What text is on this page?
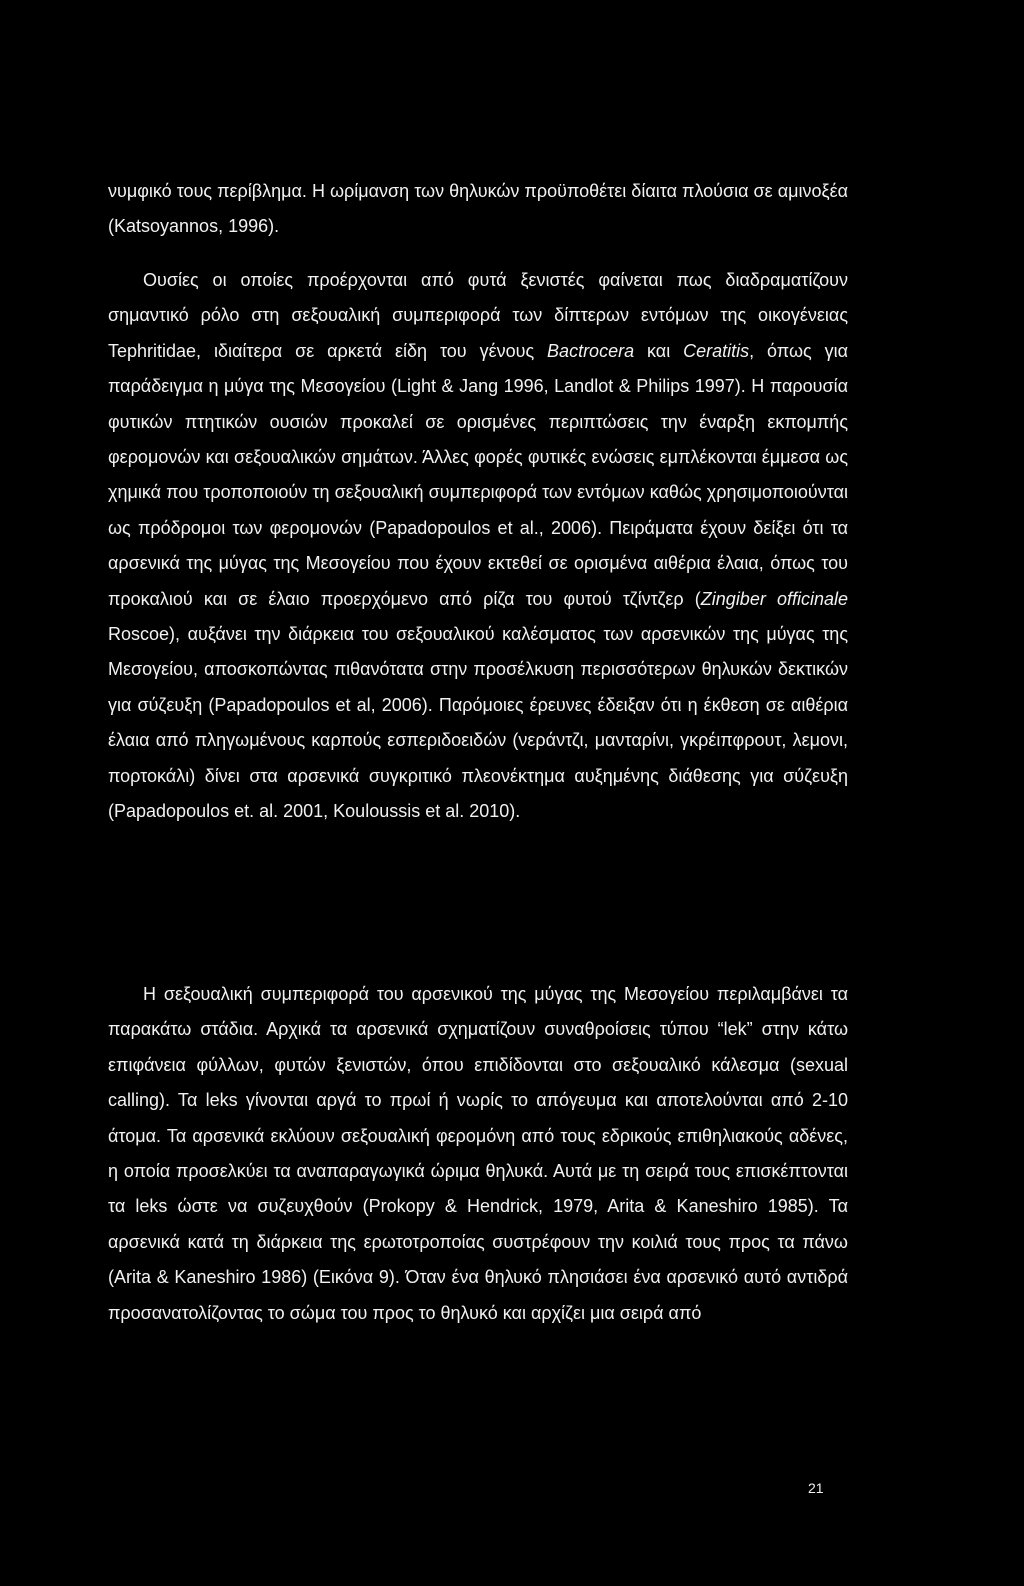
νυμφικό τους περίβλημα. Η ωρίμανση των θηλυκών προϋποθέτει δίαιτα πλούσια σε αμινοξέα (Katsoyannos, 1996).
Ουσίες οι οποίες προέρχονται από φυτά ξενιστές φαίνεται πως διαδραματίζουν σημαντικό ρόλο στη σεξουαλική συμπεριφορά των δίπτερων εντόμων της οικογένειας Tephritidae, ιδιαίτερα σε αρκετά είδη του γένους Bactrocera και Ceratitis, όπως για παράδειγμα η μύγα της Μεσογείου (Light & Jang 1996, Landlot & Philips 1997). Η παρουσία φυτικών πτητικών ουσιών προκαλεί σε ορισμένες περιπτώσεις την έναρξη εκπομπής φερομονών και σεξουαλικών σημάτων. Άλλες φορές φυτικές ενώσεις εμπλέκονται έμμεσα ως χημικά που τροποποιούν τη σεξουαλική συμπεριφορά των εντόμων καθώς χρησιμοποιούνται ως πρόδρομοι των φερομονών (Papadopoulos et al., 2006). Πειράματα έχουν δείξει ότι τα αρσενικά της μύγας της Μεσογείου που έχουν εκτεθεί σε ορισμένα αιθέρια έλαια, όπως του προκαλιού και σε έλαιο προερχόμενο από ρίζα του φυτού τζίντζερ (Zingiber officinale Roscoe), αυξάνει την διάρκεια του σεξουαλικού καλέσματος των αρσενικών της μύγας της Μεσογείου, αποσκοπώντας πιθανότατα στην προσέλκυση περισσότερων θηλυκών δεκτικών για σύζευξη (Papadopoulos et al, 2006). Παρόμοιες έρευνες έδειξαν ότι η έκθεση σε αιθέρια έλαια από πληγωμένους καρπούς εσπεριδοειδών (νεράντζι, μανταρίνι, γκρέιπφρουτ, λεμονι, πορτοκάλι) δίνει στα αρσενικά συγκριτικό πλεονέκτημα αυξημένης διάθεσης για σύζευξη (Papadopoulos et. al. 2001, Kouloussis et al. 2010).
Η σεξουαλική συμπεριφορά του αρσενικού της μύγας της Μεσογείου περιλαμβάνει τα παρακάτω στάδια. Αρχικά τα αρσενικά σχηματίζουν συναθροίσεις τύπου “lek” στην κάτω επιφάνεια φύλλων, φυτών ξενιστών, όπου επιδίδονται στο σεξουαλικό κάλεσμα (sexual calling). Τα leks γίνονται αργά το πρωί ή νωρίς το απόγευμα και αποτελούνται από 2-10 άτομα. Τα αρσενικά εκλύουν σεξουαλική φερομόνη από τους εδρικούς επιθηλιακούς αδένες, η οποία προσελκύει τα αναπαραγωγικά ώριμα θηλυκά. Αυτά με τη σειρά τους επισκέπτονται τα leks ώστε να συζευχθούν (Prokopy & Hendrick, 1979, Arita & Kaneshiro 1985). Τα αρσενικά κατά τη διάρκεια της ερωτοτροποίας συστρέφουν την κοιλιά τους προς τα πάνω (Arita & Kaneshiro 1986) (Εικόνα 9). Όταν ένα θηλυκό πλησιάσει ένα αρσενικό αυτό αντιδρά προσανατολίζοντας το σώμα του προς το θηλυκό και αρχίζει μια σειρά από
21
